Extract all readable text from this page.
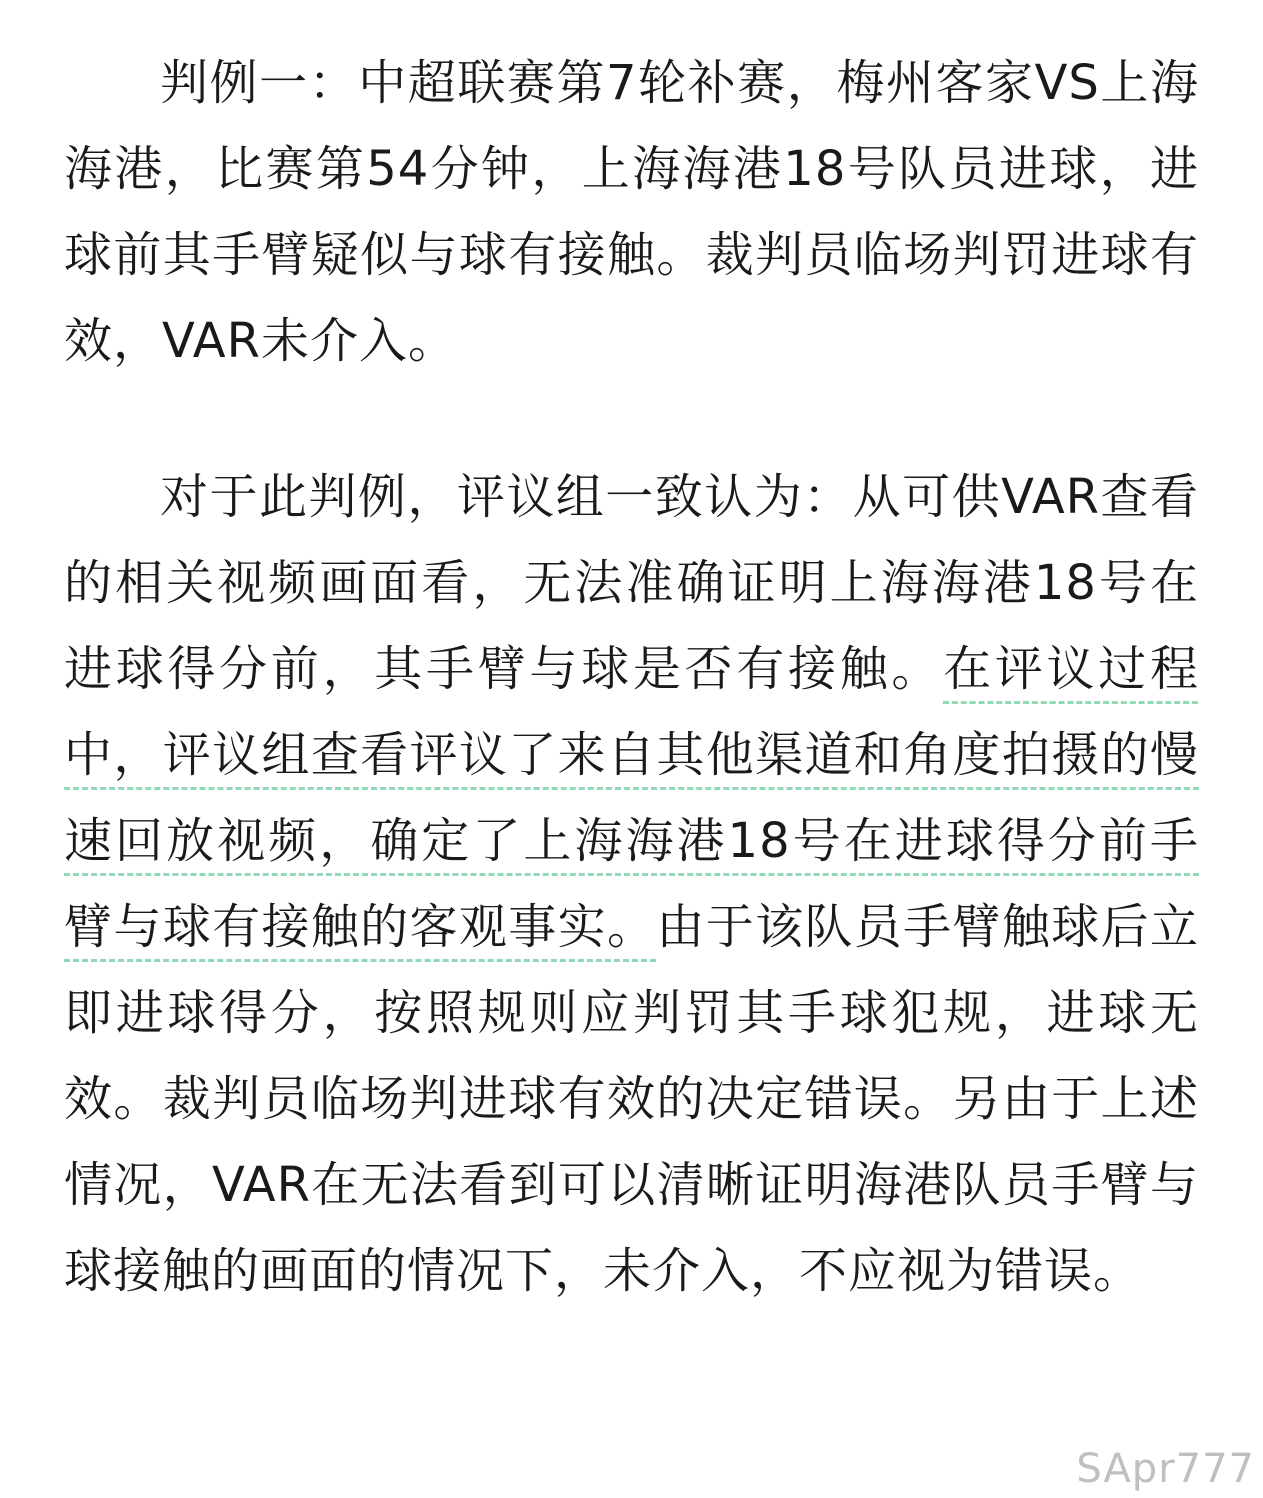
判例一：中超联赛第7轮补赛，梅州客家VS上海海港，比赛第54分钟，上海海港18号队员进球，进球前其手臂疑似与球有接触。裁判员临场判罚进球有效，VAR未介入。

对于此判例，评议组一致认为：从可供VAR查看的相关视频画面看，无法准确证明上海海港18号在进球得分前，其手臂与球是否有接触。在评议过程中，评议组查看评议了来自其他渠道和角度拍摄的慢速回放视频，确定了上海海港18号在进球得分前手臂与球有接触的客观事实。由于该队员手臂触球后立即进球得分，按照规则应判罚其手球犯规，进球无效。裁判员临场判进球有效的决定错误。另由于上述情况，VAR在无法看到可以清晰证明海港队员手臂与球接触的画面的情况下，未介入，不应视为错误。

SApr777
